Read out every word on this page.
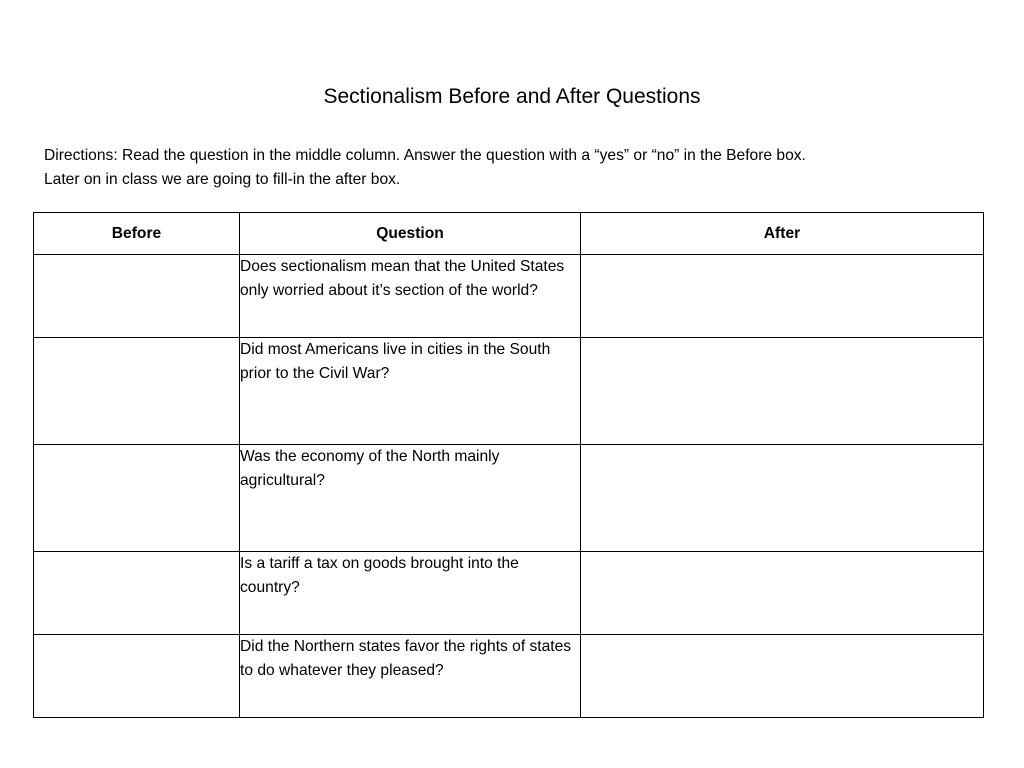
Sectionalism Before and After Questions
Directions: Read the question in the middle column. Answer the question with a “yes” or “no” in the Before box.
Later on in class we are going to fill-in the after box.
Before	Question	After
	Does sectionalism mean that the United States only worried about it’s section of the world?	
	Did most Americans live in cities in the South prior to the Civil War?	
	Was the economy of the North mainly agricultural?	
	Is a tariff a tax on goods brought into the country?	
	Did the Northern states favor the rights of states to do whatever they pleased?	
